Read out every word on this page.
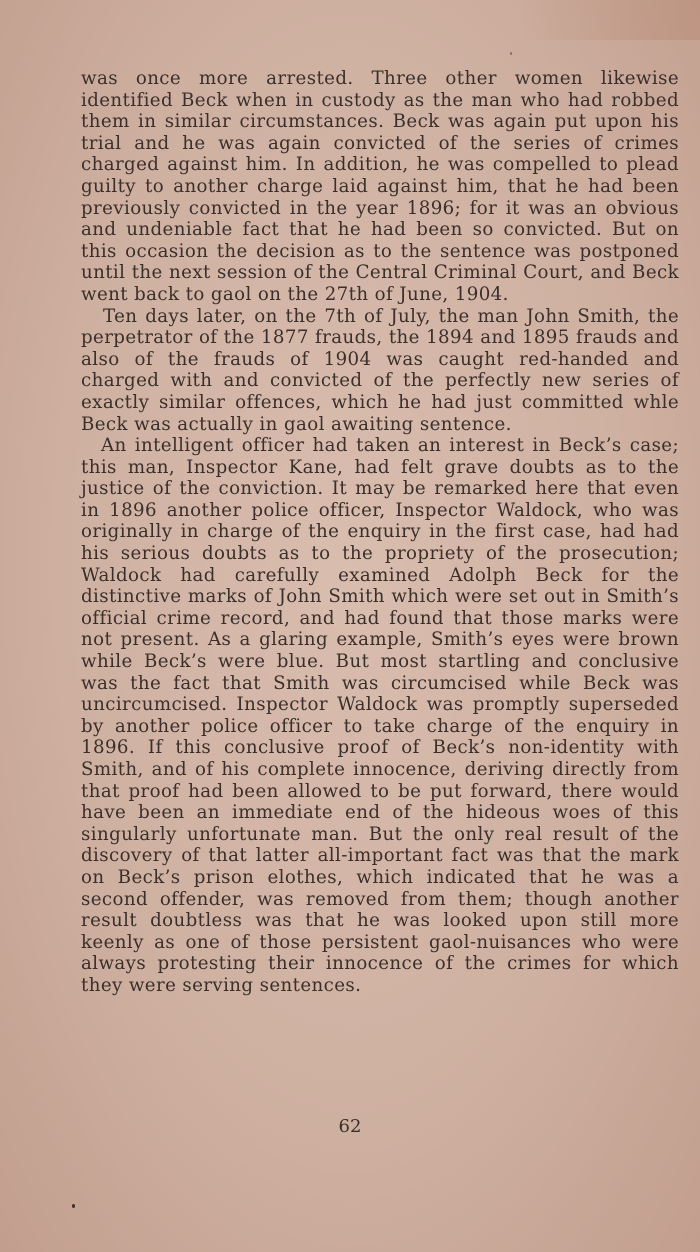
was once more arrested. Three other women likewise identified Beck when in custody as the man who had robbed them in similar circumstances. Beck was again put upon his trial and he was again convicted of the series of crimes charged against him. In addition, he was compelled to plead guilty to another charge laid against him, that he had been previously convicted in the year 1896; for it was an obvious and undeniable fact that he had been so convicted. But on this occasion the decision as to the sentence was postponed until the next session of the Central Criminal Court, and Beck went back to gaol on the 27th of June, 1904.

Ten days later, on the 7th of July, the man John Smith, the perpetrator of the 1877 frauds, the 1894 and 1895 frauds and also of the frauds of 1904 was caught red-handed and charged with and convicted of the perfectly new series of exactly similar offences, which he had just committed whle Beck was actually in gaol awaiting sentence.

An intelligent officer had taken an interest in Beck’s case; this man, Inspector Kane, had felt grave doubts as to the justice of the conviction. It may be remarked here that even in 1896 another police officer, Inspector Waldock, who was originally in charge of the enquiry in the first case, had had his serious doubts as to the propriety of the prosecution; Waldock had carefully examined Adolph Beck for the distinctive marks of John Smith which were set out in Smith’s official crime record, and had found that those marks were not present. As a glaring example, Smith’s eyes were brown while Beck’s were blue. But most startling and conclusive was the fact that Smith was circumcised while Beck was uncircumcised. Inspector Waldock was promptly superseded by another police officer to take charge of the enquiry in 1896. If this conclusive proof of Beck’s non-identity with Smith, and of his complete innocence, deriving directly from that proof had been allowed to be put forward, there would have been an immediate end of the hideous woes of this singularly unfortunate man. But the only real result of the discovery of that latter all-important fact was that the mark on Beck’s prison elothes, which indicated that he was a second offender, was removed from them; though another result doubtless was that he was looked upon still more keenly as one of those persistent gaol-nuisances who were always protesting their innocence of the crimes for which they were serving sentences.

62
